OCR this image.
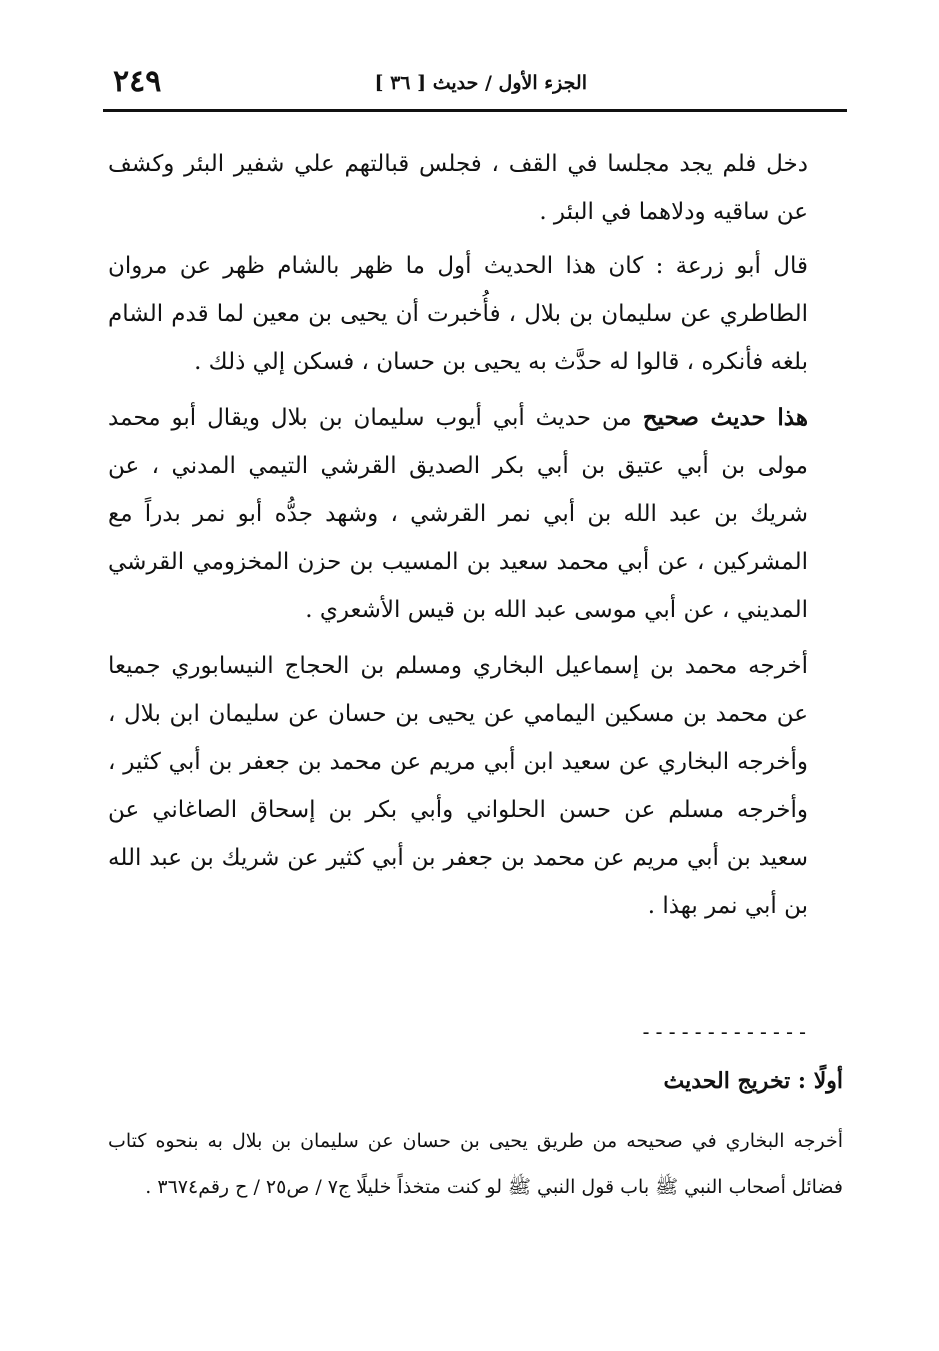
الجزء الأول / حديث [ ٣٦ ]
٢٤٩

دخل فلم يجد مجلسا في القف ، فجلس قبالتهم علي شفير البئر وكشف عن ساقيه ودلاهما في البئر .

قال أبو زرعة : كان هذا الحديث أول ما ظهر بالشام ظهر عن مروان الطاطري عن سليمان بن بلال ، فأُخبرت أن يحيى بن معين لما قدم الشام بلغه فأنكره ، قالوا له حدَّث به يحيى بن حسان ، فسكن إلي ذلك .

هذا حديث صحيح من حديث أبي أيوب سليمان بن بلال ويقال أبو محمد مولى بن أبي عتيق بن أبي بكر الصديق القرشي التيمي المدني ، عن شريك بن عبد الله بن أبي نمر القرشي ، وشهد جدُّه أبو نمر بدراً مع المشركين ، عن أبي محمد سعيد بن المسيب بن حزن المخزومي القرشي المديني ، عن أبي موسى عبد الله بن قيس الأشعري .

أخرجه محمد بن إسماعيل البخاري ومسلم بن الحجاج النيسابوري جميعا عن محمد بن مسكين اليمامي عن يحيى بن حسان عن سليمان ابن بلال ، وأخرجه البخاري عن سعيد ابن أبي مريم عن محمد بن جعفر بن أبي كثير ، وأخرجه مسلم عن حسن الحلواني وأبي بكر بن إسحاق الصاغاني عن سعيد بن أبي مريم عن محمد بن جعفر بن أبي كثير عن شريك بن عبد الله بن أبي نمر بهذا .

-------------
أولًا : تخريج الحديث
أخرجه البخاري في صحيحه من طريق يحيى بن حسان عن سليمان بن بلال به بنحوه كتاب فضائل أصحاب النبي ﷺ باب قول النبي ﷺ لو كنت متخذاً خليلًا ج٧ / ص٢٥ / ح رقم٣٦٧٤ .
